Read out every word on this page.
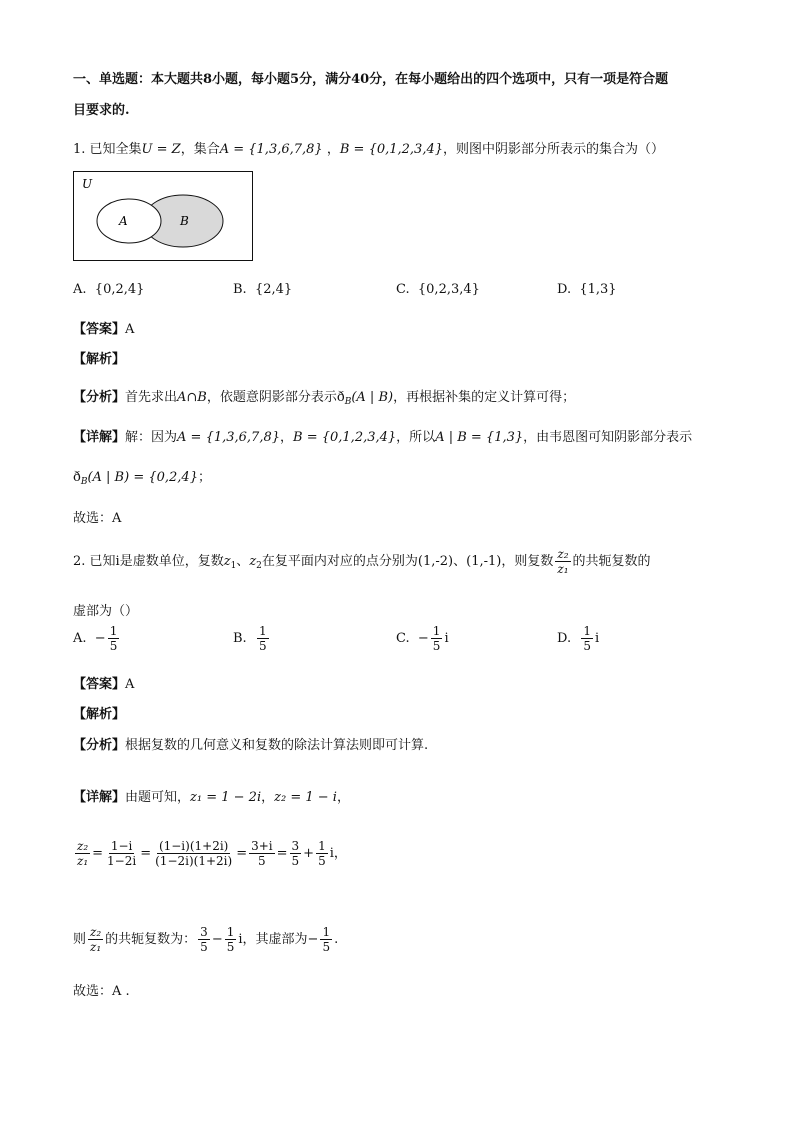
一、单选题：本大题共8小题，每小题5分，满分40分，在每小题给出的四个选项中，只有一项是符合题
目要求的.
1. 已知全集U = Z，集合A = {1,3,6,7,8} ，B = {0,1,2,3,4}，则图中阴影部分所表示的集合为（）
U
A	B
A. {0,2,4}	B. {2,4}	C. {0,2,3,4}	D. {1,3}
【答案】A
【解析】
【分析】首先求出A∩B，依题意阴影部分表示$ð_B(A$ | B)，再根据补集的定义计算可得；
【详解】解：因为A = {1,3,6,7,8}，B = {0,1,2,3,4}，所以A | B = {1,3}，由韦恩图可知阴影部分表示
$ð_B(A$ | B) = {0,2,4}；
故选：A
2. 已知i是虚数单位，复数$z_1$、$z_2$在复平面内对应的点分别为(1,-2)、(1,-1)，则复数 $\frac{\text{z₂}}{\text{z₁}}$ 的共轭复数的
虚部为（）
A. − $\frac{1}{5}$	B. $\frac{1}{5}$	C. − $\frac{1}{5}$ i	D. $\frac{1}{5}$ i
【答案】A
【解析】
【分析】根据复数的几何意义和复数的除法计算法则即可计算.
【详解】由题可知，z₁ = 1 − 2i，z₂ = 1 − i，
$\frac{\text{z₂}}{\text{z₁}} = \frac{1-i}{1-2i} = \frac{(1-i)(1+2i)}{(1-2i)(1+2i)} = \frac{3+i}{5} = \frac{3}{5} + \frac{1}{5}$ i，
则 $\frac{\text{z₂}}{\text{z₁}}$ 的共轭复数为： $\frac{3}{5} - \frac{1}{5}$ i，其虚部为− $\frac{1}{5}$ .
故选：A .
